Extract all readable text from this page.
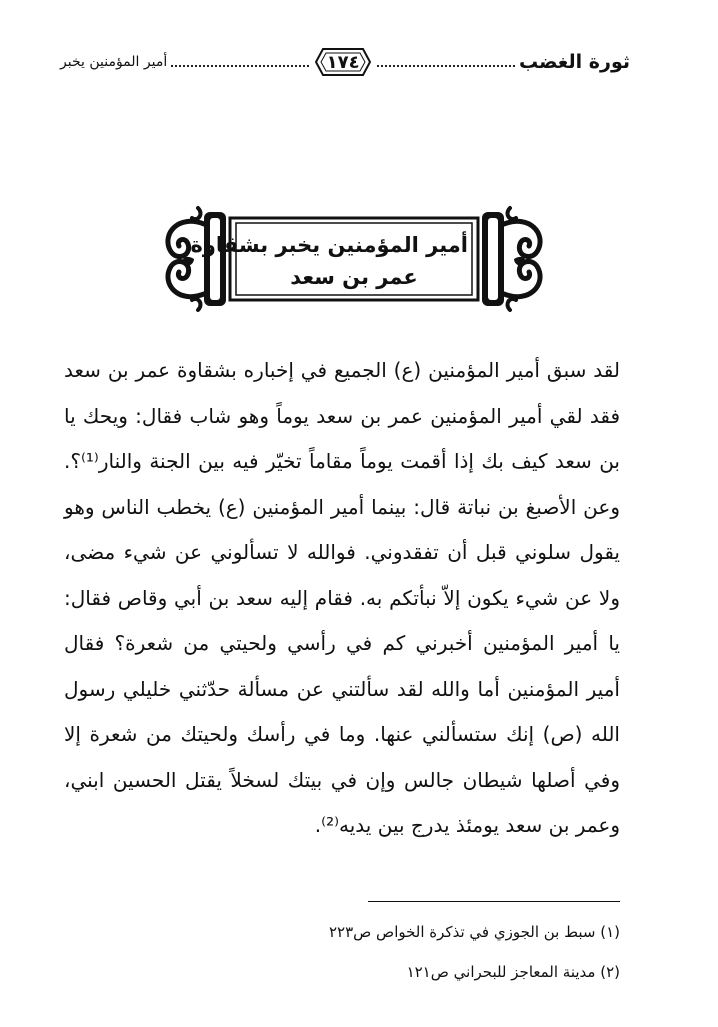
ثورة الغضب
١٧٤
أمير المؤمنين يخبر
أمير المؤمنين يخبر بشقاوة
عمر بن سعد

لقد سبق أمير المؤمنين (ع) الجميع في إخباره بشقاوة عمر بن سعد فقد لقي أمير المؤمنين عمر بن سعد يوماً وهو شاب فقال: ويحك يا بن سعد كيف بك إذا أقمت يوماً مقاماً تخيّر فيه بين الجنة والنار⁽¹⁾؟. وعن الأصبغ بن نباتة قال: بينما أمير المؤمنين (ع) يخطب الناس وهو يقول سلوني قبل أن تفقدوني. فوالله لا تسألوني عن شيء مضى، ولا عن شيء يكون إلاّ نبأتكم به. فقام إليه سعد بن أبي وقاص فقال: يا أمير المؤمنين أخبرني كم في رأسي ولحيتي من شعرة؟ فقال أمير المؤمنين أما والله لقد سألتني عن مسألة حدّثني خليلي رسول الله (ص) إنك ستسألني عنها. وما في رأسك ولحيتك من شعرة إلا وفي أصلها شيطان جالس وإن في بيتك لسخلاً يقتل الحسين ابني، وعمر بن سعد يومئذ يدرج بين يديه⁽²⁾.

(١) سبط بن الجوزي في تذكرة الخواص ص٢٢٣
(٢) مدينة المعاجز للبحراني ص١٢١
